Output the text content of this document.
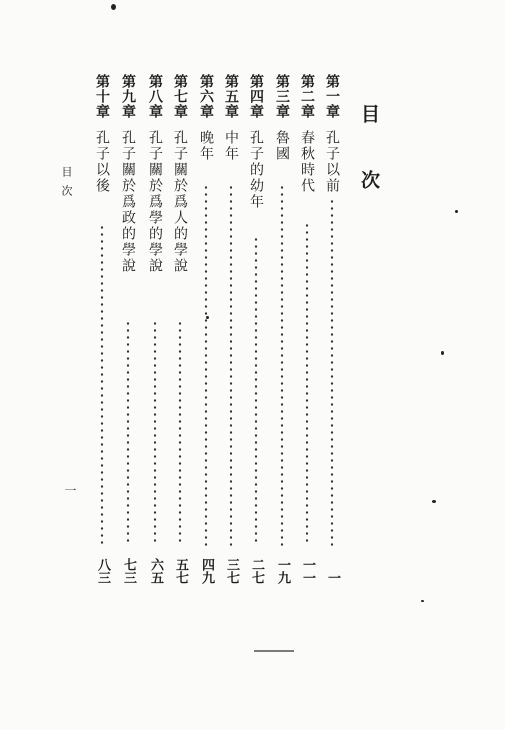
目　次
第一章
孔子以前
一
第二章
春秋時代
一一
第三章
魯國
一九
第四章
孔子的幼年
二七
第五章
中年
三七
第六章
晚年
四九
第七章
孔子關於爲人的學說
五七
第八章
孔子關於爲學的學說
六五
第九章
孔子關於爲政的學說
七三
第十章
孔子以後
八三
目次
一
